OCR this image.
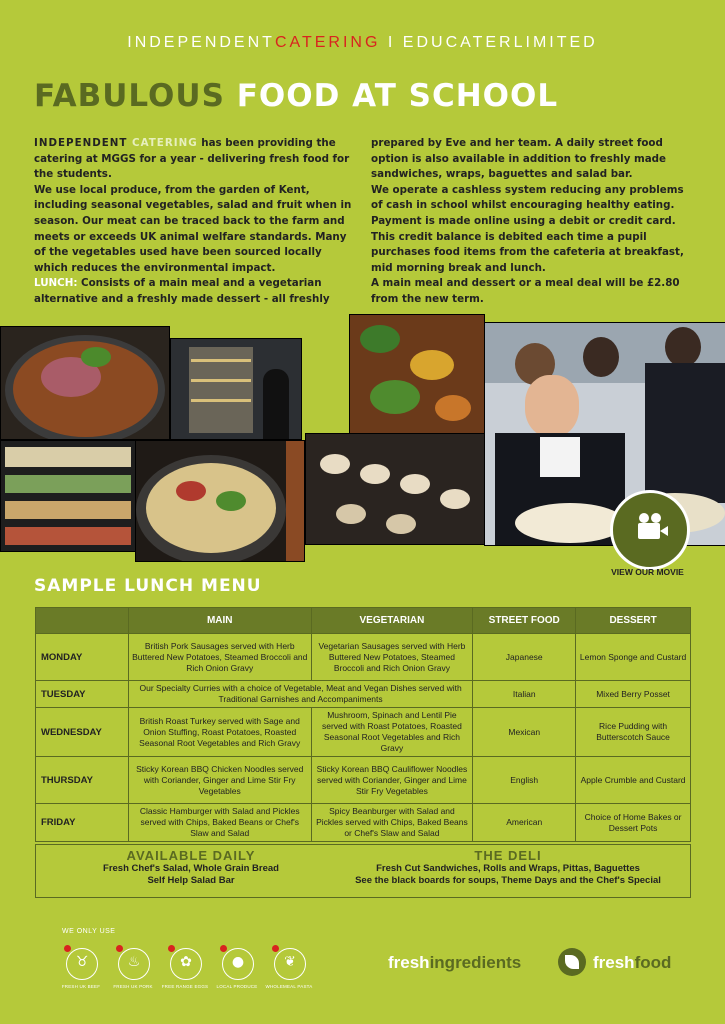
INDEPENDENTCATERING I EDUCATERLIMITED
FABULOUS FOOD AT SCHOOL

INDEPENDENT CATERING has been providing the catering at MGGS for a year - delivering fresh food for the students.

We use local produce, from the garden of Kent, including seasonal vegetables, salad and fruit when in season. Our meat can be traced back to the farm and meets or exceeds UK animal welfare standards. Many of the vegetables used have been sourced locally which reduces the environmental impact.

LUNCH: Consists of a main meal and a vegetarian alternative and a freshly made dessert - all freshly

prepared by Eve and her team. A daily street food option is also available in addition to freshly made sandwiches, wraps, baguettes and salad bar.

We operate a cashless system reducing any problems of cash in school whilst encouraging healthy eating.

Payment is made online using a debit or credit card. This credit balance is debited each time a pupil purchases food items from the cafeteria at breakfast, mid morning break and lunch.

A main meal and dessert or a meal deal will be £2.80 from the new term.

VIEW OUR MOVIE
SAMPLE LUNCH MENU
	MAIN	VEGETARIAN	STREET FOOD	DESSERT
MONDAY	British Pork Sausages served with Herb Buttered New Potatoes, Steamed Broccoli and Rich Onion Gravy	Vegetarian Sausages served with Herb Buttered New Potatoes, Steamed Broccoli and Rich Onion Gravy	Japanese	Lemon Sponge and Custard
TUESDAY	Our Specialty Curries with a choice of Vegetable, Meat and Vegan Dishes served with Traditional Garnishes and Accompaniments		Italian	Mixed Berry Posset
WEDNESDAY	British Roast Turkey served with Sage and Onion Stuffing, Roast Potatoes, Roasted Seasonal Root Vegetables and Rich Gravy	Mushroom, Spinach and Lentil Pie served with Roast Potatoes, Roasted Seasonal Root Vegetables and Rich Gravy	Mexican	Rice Pudding with Butterscotch Sauce
THURSDAY	Sticky Korean BBQ Chicken Noodles served with Coriander, Ginger and Lime Stir Fry Vegetables	Sticky Korean BBQ Cauliflower Noodles served with Coriander, Ginger and Lime Stir Fry Vegetables	English	Apple Crumble and Custard
FRIDAY	Classic Hamburger with Salad and Pickles served with Chips, Baked Beans or Chef's Slaw and Salad	Spicy Beanburger with Salad and Pickles served with Chips, Baked Beans or Chef's Slaw and Salad	American	Choice of Home Bakes or Dessert Pots
AVAILABLE DAILY
Fresh Chef's Salad, Whole Grain Bread
Self Help Salad Bar
THE DELI
Fresh Cut Sandwiches, Rolls and Wraps, Pittas, Baguettes
See the black boards for soups, Theme Days and the Chef's Special
WE ONLY USE
♉
FRESH UK BEEF
♨
FRESH UK PORK
✿
FREE RANGE EGGS
●
LOCAL PRODUCE
❦
WHOLEMEAL PASTA
freshingredients	freshfood
